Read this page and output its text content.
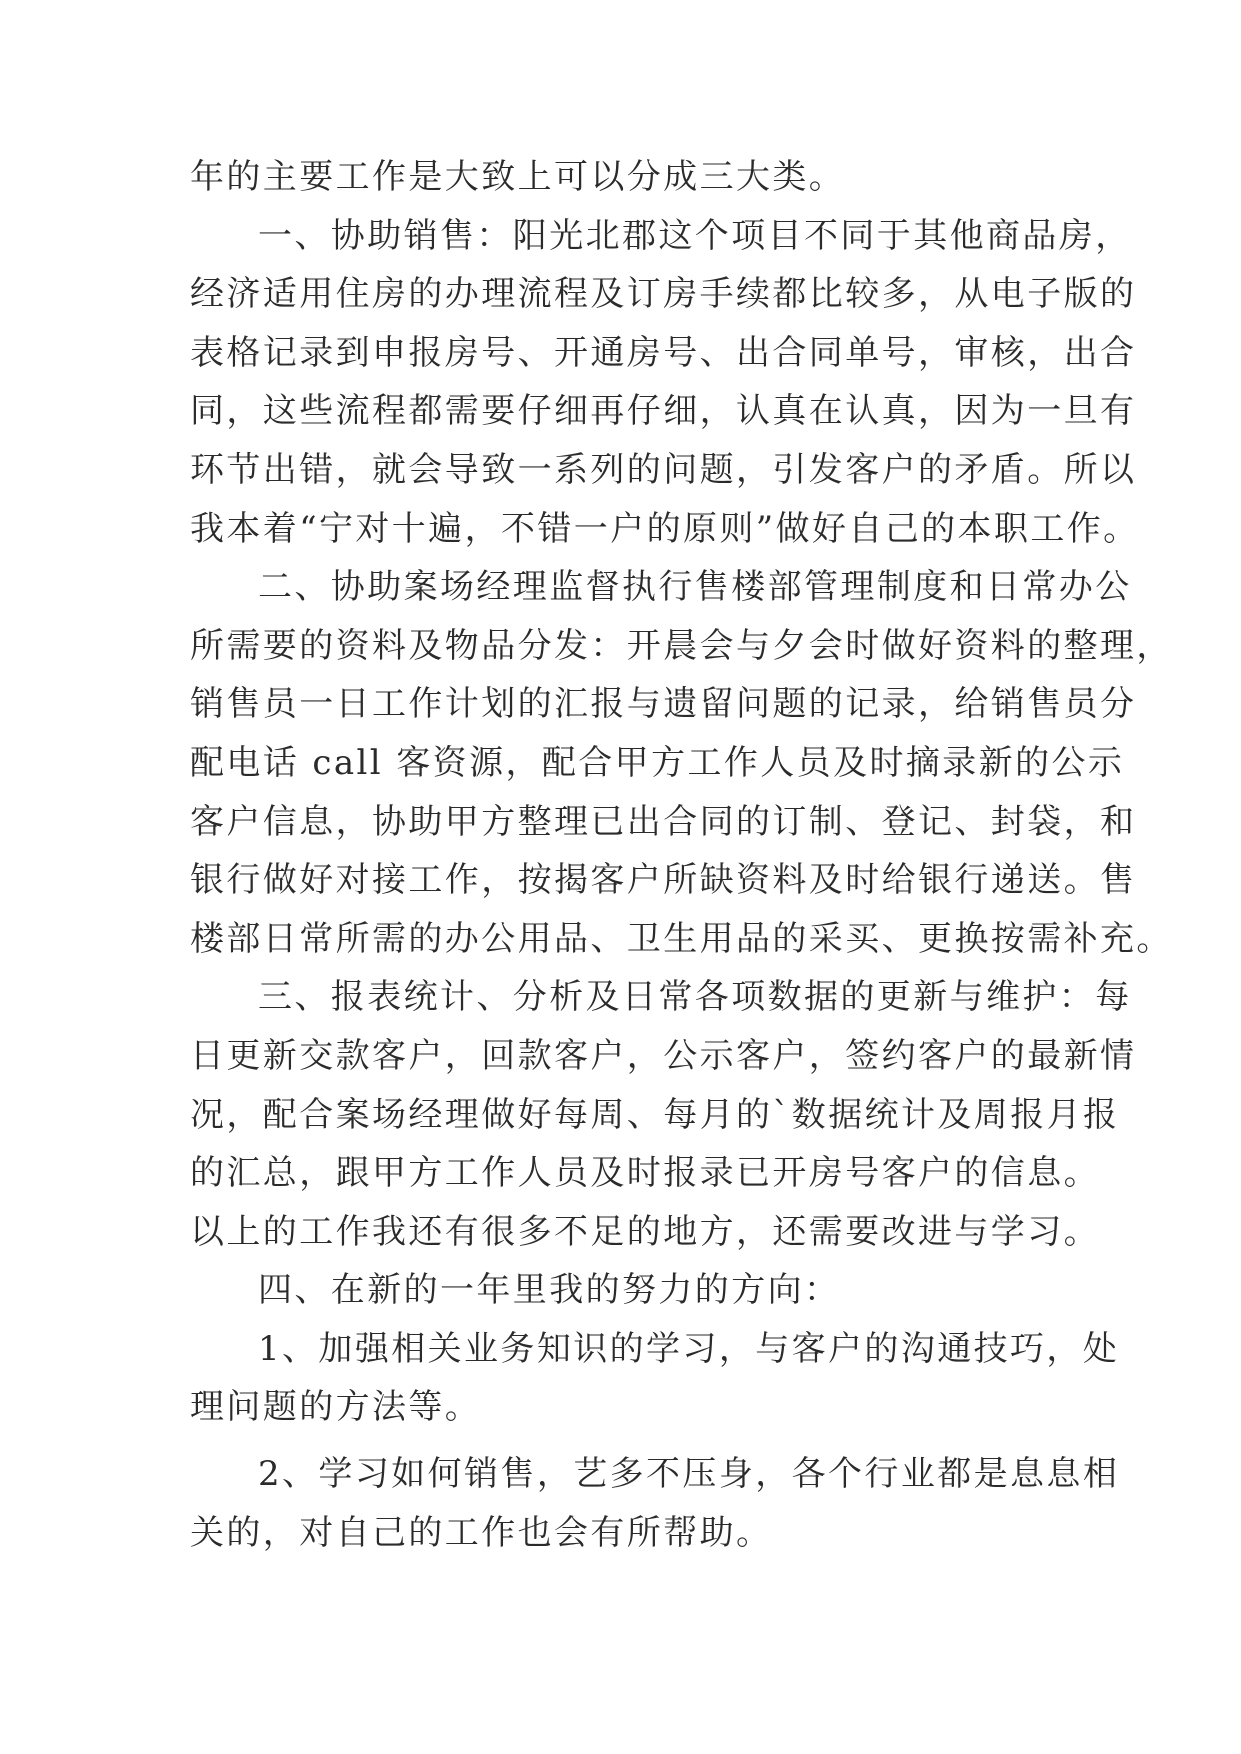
年的主要工作是大致上可以分成三大类。
一、协助销售：阳光北郡这个项目不同于其他商品房，
经济适用住房的办理流程及订房手续都比较多，从电子版的
表格记录到申报房号、开通房号、出合同单号，审核，出合
同，这些流程都需要仔细再仔细，认真在认真，因为一旦有
环节出错，就会导致一系列的问题，引发客户的矛盾。所以
我本着“宁对十遍，不错一户的原则”做好自己的本职工作。
二、协助案场经理监督执行售楼部管理制度和日常办公
所需要的资料及物品分发：开晨会与夕会时做好资料的整理，
销售员一日工作计划的汇报与遗留问题的记录，给销售员分
配电话 call 客资源，配合甲方工作人员及时摘录新的公示
客户信息，协助甲方整理已出合同的订制、登记、封袋，和
银行做好对接工作，按揭客户所缺资料及时给银行递送。售
楼部日常所需的办公用品、卫生用品的采买、更换按需补充。
三、报表统计、分析及日常各项数据的更新与维护：每
日更新交款客户，回款客户，公示客户，签约客户的最新情
况，配合案场经理做好每周、每月的`数据统计及周报月报
的汇总，跟甲方工作人员及时报录已开房号客户的信息。
以上的工作我还有很多不足的地方，还需要改进与学习。
四、在新的一年里我的努力的方向：
1、加强相关业务知识的学习，与客户的沟通技巧，处
理问题的方法等。
2、学习如何销售，艺多不压身，各个行业都是息息相
关的，对自己的工作也会有所帮助。
